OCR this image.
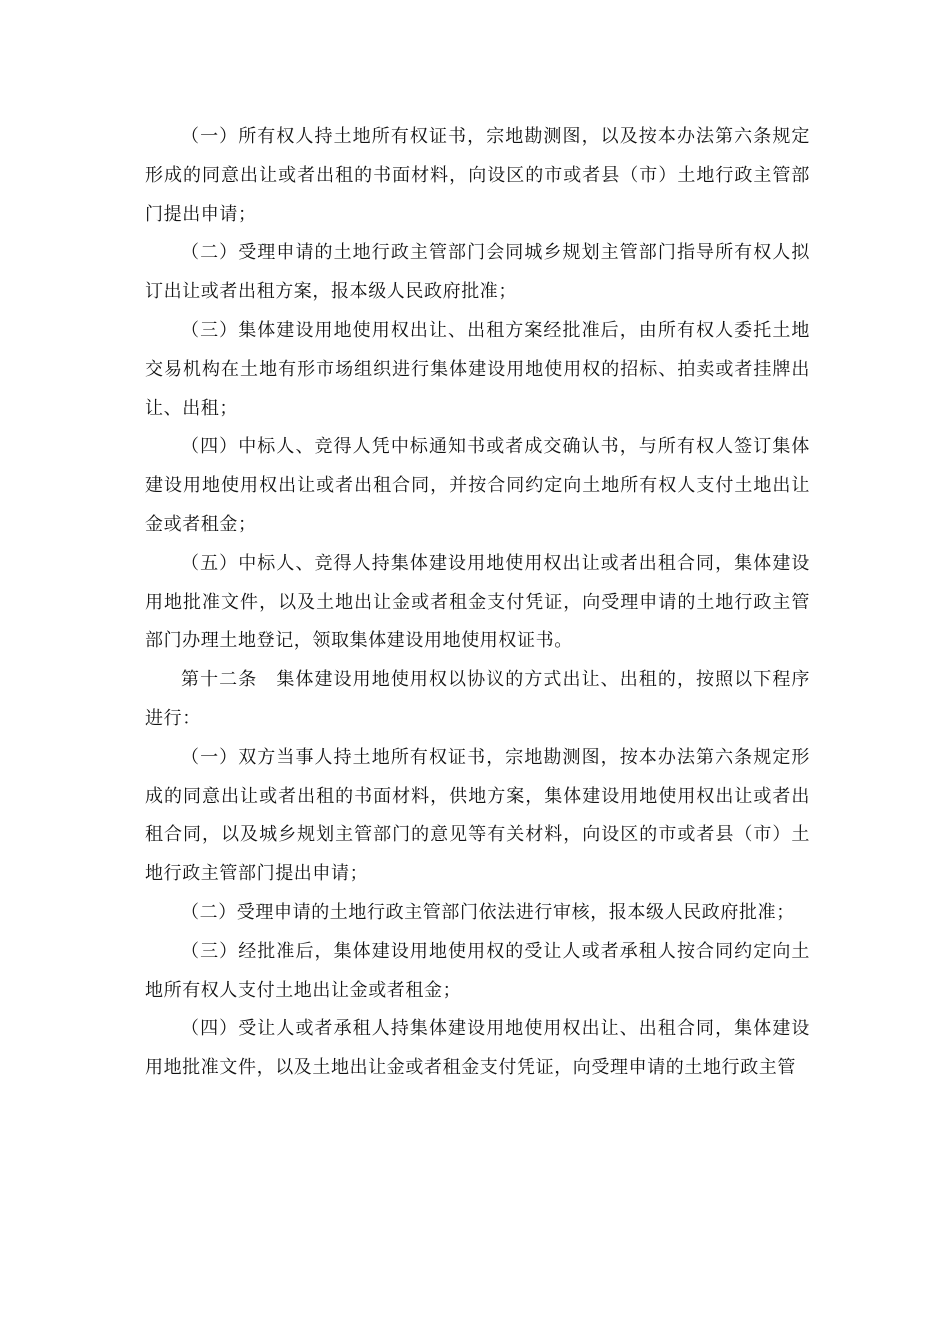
（一）所有权人持土地所有权证书，宗地勘测图，以及按本办法第六条规定形成的同意出让或者出租的书面材料，向设区的市或者县（市）土地行政主管部门提出申请；

（二）受理申请的土地行政主管部门会同城乡规划主管部门指导所有权人拟订出让或者出租方案，报本级人民政府批准；

（三）集体建设用地使用权出让、出租方案经批准后，由所有权人委托土地交易机构在土地有形市场组织进行集体建设用地使用权的招标、拍卖或者挂牌出让、出租；

（四）中标人、竞得人凭中标通知书或者成交确认书，与所有权人签订集体建设用地使用权出让或者出租合同，并按合同约定向土地所有权人支付土地出让金或者租金；

（五）中标人、竞得人持集体建设用地使用权出让或者出租合同，集体建设用地批准文件，以及土地出让金或者租金支付凭证，向受理申请的土地行政主管部门办理土地登记，领取集体建设用地使用权证书。

第十二条　集体建设用地使用权以协议的方式出让、出租的，按照以下程序进行：

（一）双方当事人持土地所有权证书，宗地勘测图，按本办法第六条规定形成的同意出让或者出租的书面材料，供地方案，集体建设用地使用权出让或者出租合同，以及城乡规划主管部门的意见等有关材料，向设区的市或者县（市）土地行政主管部门提出申请；

（二）受理申请的土地行政主管部门依法进行审核，报本级人民政府批准；

（三）经批准后，集体建设用地使用权的受让人或者承租人按合同约定向土地所有权人支付土地出让金或者租金；

（四）受让人或者承租人持集体建设用地使用权出让、出租合同，集体建设用地批准文件，以及土地出让金或者租金支付凭证，向受理申请的土地行政主管
